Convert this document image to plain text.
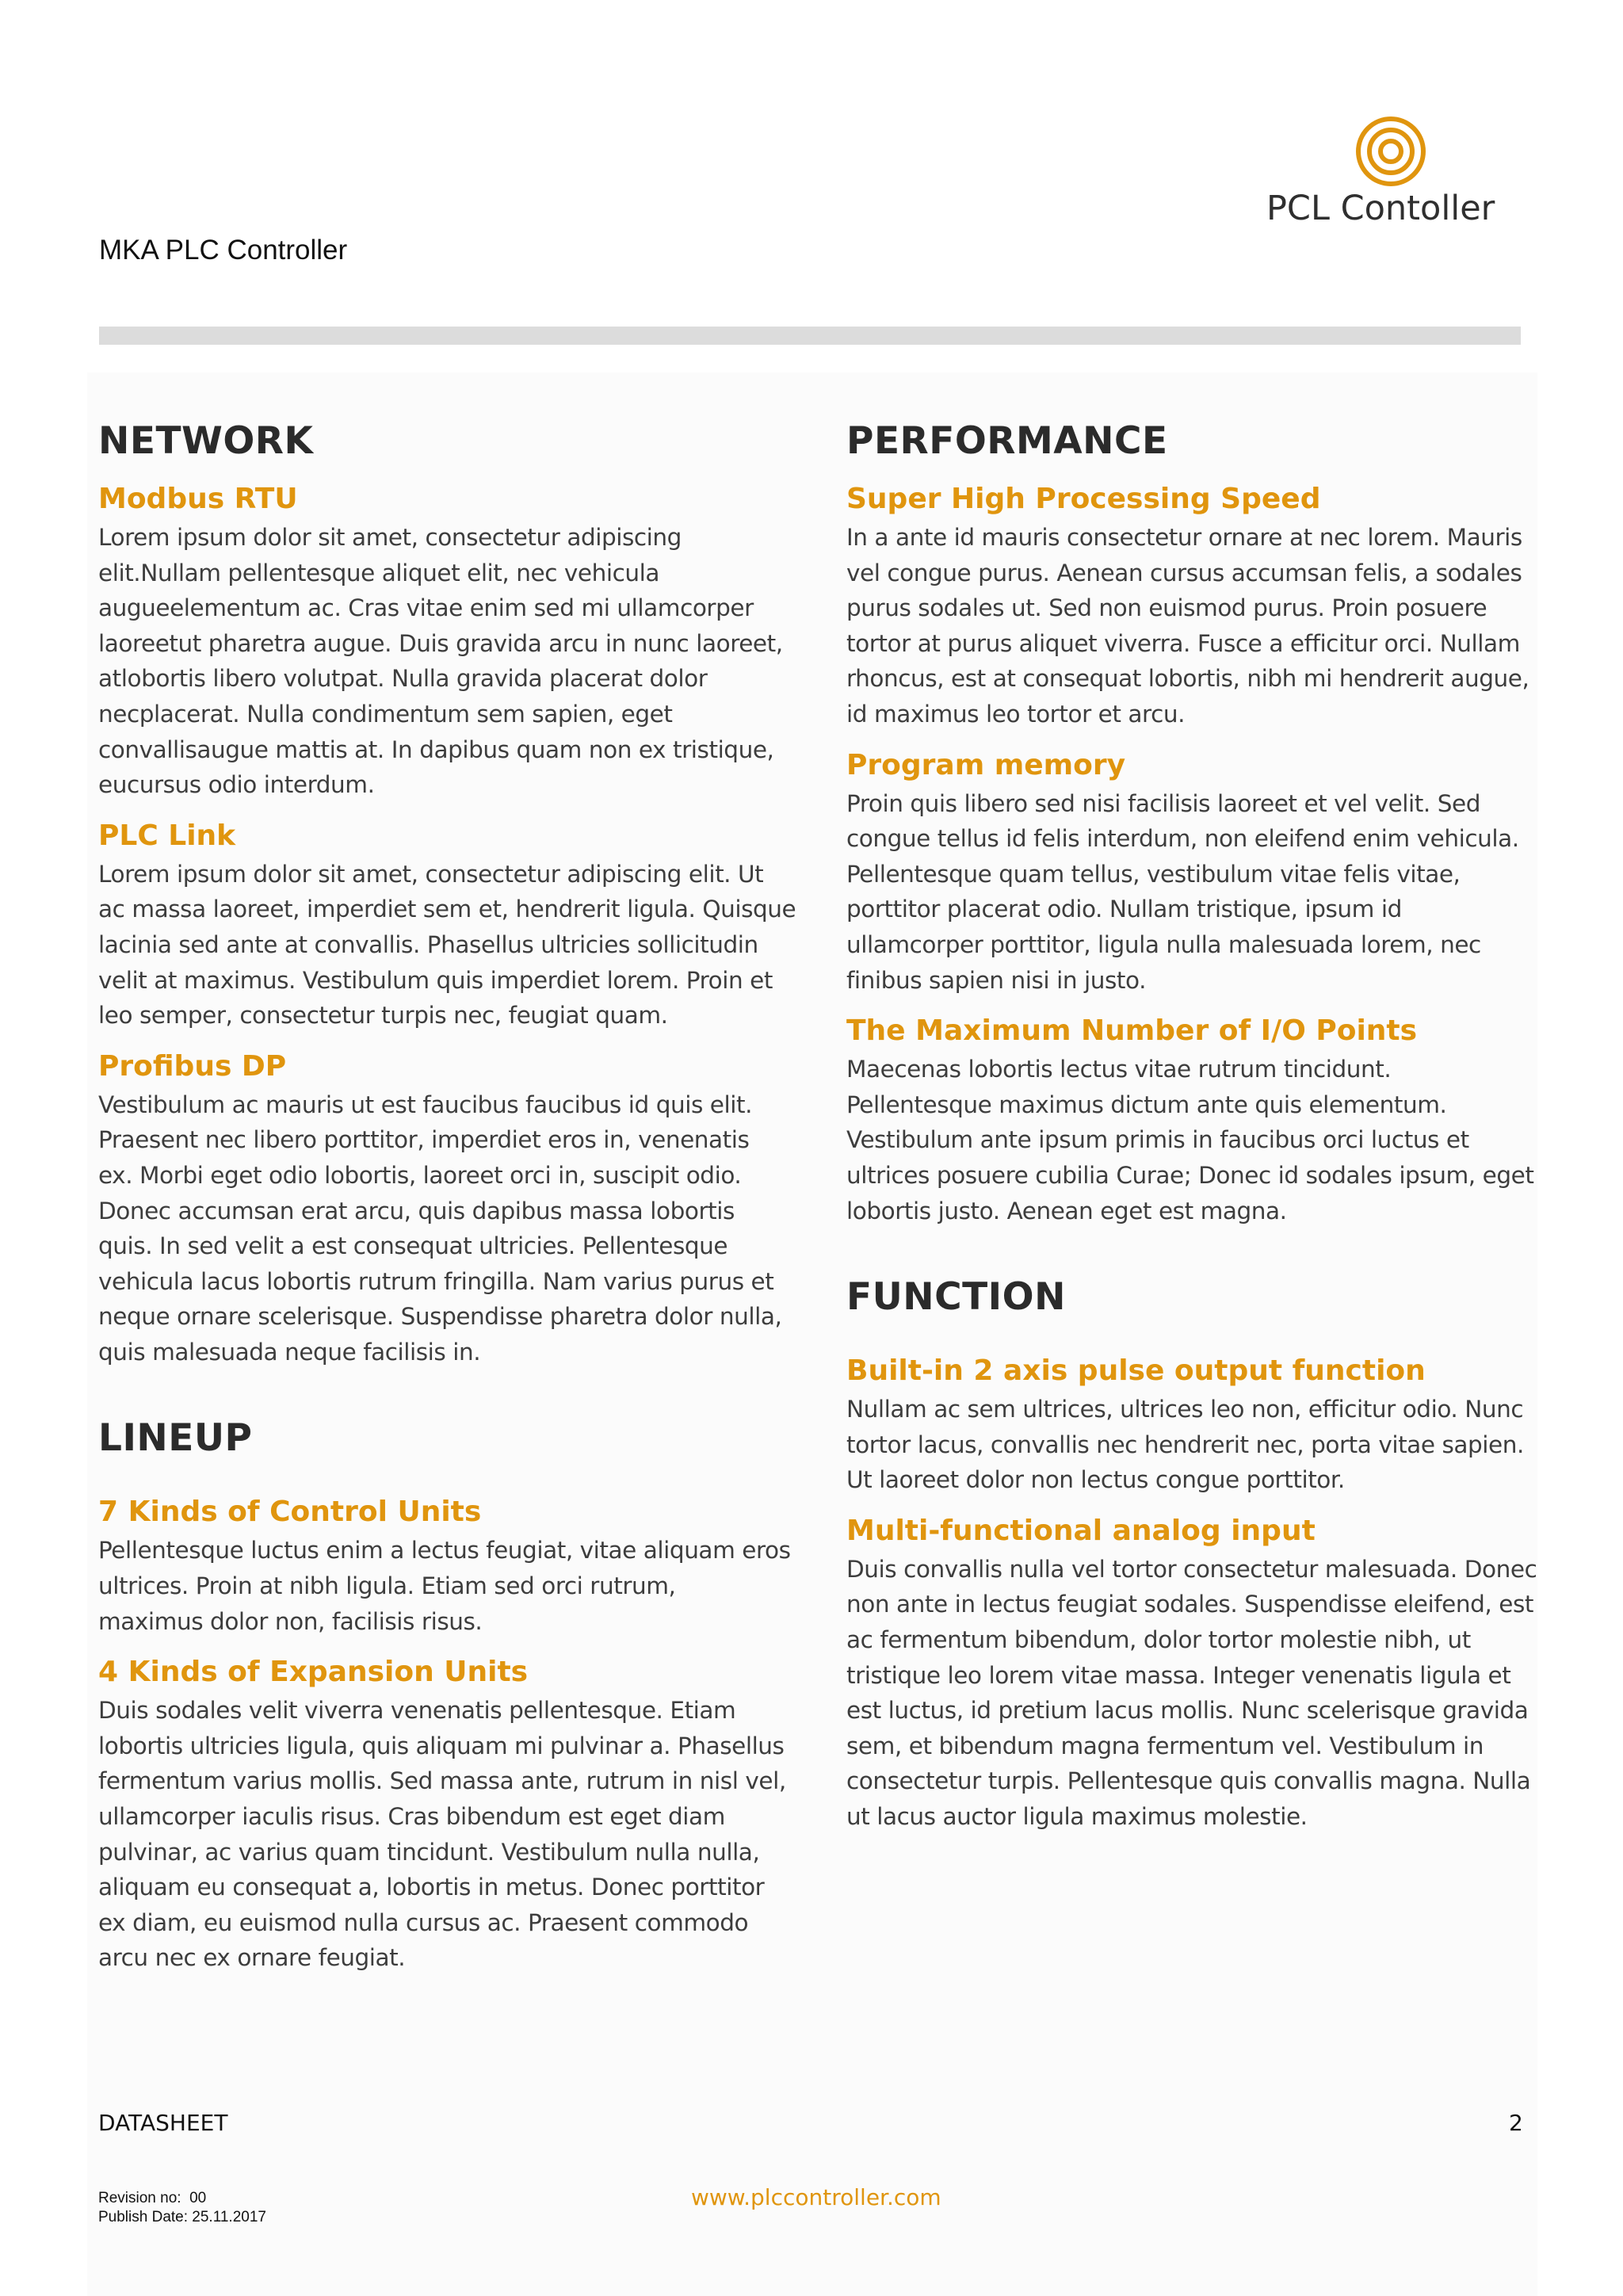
MKA PLC Controller
PCL Contoller
NETWORK
Modbus RTU

Lorem ipsum dolor sit amet, consectetur adipiscing
elit.Nullam pellentesque aliquet elit, nec vehicula
augueelementum ac. Cras vitae enim sed mi ullamcorper
laoreetut pharetra augue. Duis gravida arcu in nunc laoreet,
atlobortis libero volutpat. Nulla gravida placerat dolor
necplacerat. Nulla condimentum sem sapien, eget
convallisaugue mattis at. In dapibus quam non ex tristique,
eucursus odio interdum.

PLC Link

Lorem ipsum dolor sit amet, consectetur adipiscing elit. Ut
ac massa laoreet, imperdiet sem et, hendrerit ligula. Quisque
lacinia sed ante at convallis. Phasellus ultricies sollicitudin
velit at maximus. Vestibulum quis imperdiet lorem. Proin et
leo semper, consectetur turpis nec, feugiat quam.

Profibus DP

Vestibulum ac mauris ut est faucibus faucibus id quis elit.
Praesent nec libero porttitor, imperdiet eros in, venenatis
ex. Morbi eget odio lobortis, laoreet orci in, suscipit odio.
Donec accumsan erat arcu, quis dapibus massa lobortis
quis. In sed velit a est consequat ultricies. Pellentesque
vehicula lacus lobortis rutrum fringilla. Nam varius purus et
neque ornare scelerisque. Suspendisse pharetra dolor nulla,
quis malesuada neque facilisis in.

LINEUP
7 Kinds of Control Units

Pellentesque luctus enim a lectus feugiat, vitae aliquam eros
ultrices. Proin at nibh ligula. Etiam sed orci rutrum,
maximus dolor non, facilisis risus.

4 Kinds of Expansion Units

Duis sodales velit viverra venenatis pellentesque. Etiam
lobortis ultricies ligula, quis aliquam mi pulvinar a. Phasellus
fermentum varius mollis. Sed massa ante, rutrum in nisl vel,
ullamcorper iaculis risus. Cras bibendum est eget diam
pulvinar, ac varius quam tincidunt. Vestibulum nulla nulla,
aliquam eu consequat a, lobortis in metus. Donec porttitor
ex diam, eu euismod nulla cursus ac. Praesent commodo
arcu nec ex ornare feugiat.

PERFORMANCE
Super High Processing Speed

In a ante id mauris consectetur ornare at nec lorem. Mauris
vel congue purus. Aenean cursus accumsan felis, a sodales
purus sodales ut. Sed non euismod purus. Proin posuere
tortor at purus aliquet viverra. Fusce a efficitur orci. Nullam
rhoncus, est at consequat lobortis, nibh mi hendrerit augue,
id maximus leo tortor et arcu.

Program memory

Proin quis libero sed nisi facilisis laoreet et vel velit. Sed
congue tellus id felis interdum, non eleifend enim vehicula.
Pellentesque quam tellus, vestibulum vitae felis vitae,
porttitor placerat odio. Nullam tristique, ipsum id
ullamcorper porttitor, ligula nulla malesuada lorem, nec
finibus sapien nisi in justo.

The Maximum Number of I/O Points

Maecenas lobortis lectus vitae rutrum tincidunt.
Pellentesque maximus dictum ante quis elementum.
Vestibulum ante ipsum primis in faucibus orci luctus et
ultrices posuere cubilia Curae; Donec id sodales ipsum, eget
lobortis justo. Aenean eget est magna.

FUNCTION
Built-in 2 axis pulse output function

Nullam ac sem ultrices, ultrices leo non, efficitur odio. Nunc
tortor lacus, convallis nec hendrerit nec, porta vitae sapien.
Ut laoreet dolor non lectus congue porttitor.

Multi-functional analog input

Duis convallis nulla vel tortor consectetur malesuada. Donec
non ante in lectus feugiat sodales. Suspendisse eleifend, est
ac fermentum bibendum, dolor tortor molestie nibh, ut
tristique leo lorem vitae massa. Integer venenatis ligula et
est luctus, id pretium lacus mollis. Nunc scelerisque gravida
sem, et bibendum magna fermentum vel. Vestibulum in
consectetur turpis. Pellentesque quis convallis magna. Nulla
ut lacus auctor ligula maximus molestie.

DATASHEET	2
Revision no:  00
Publish Date: 25.11.2017
www.plccontroller.com
